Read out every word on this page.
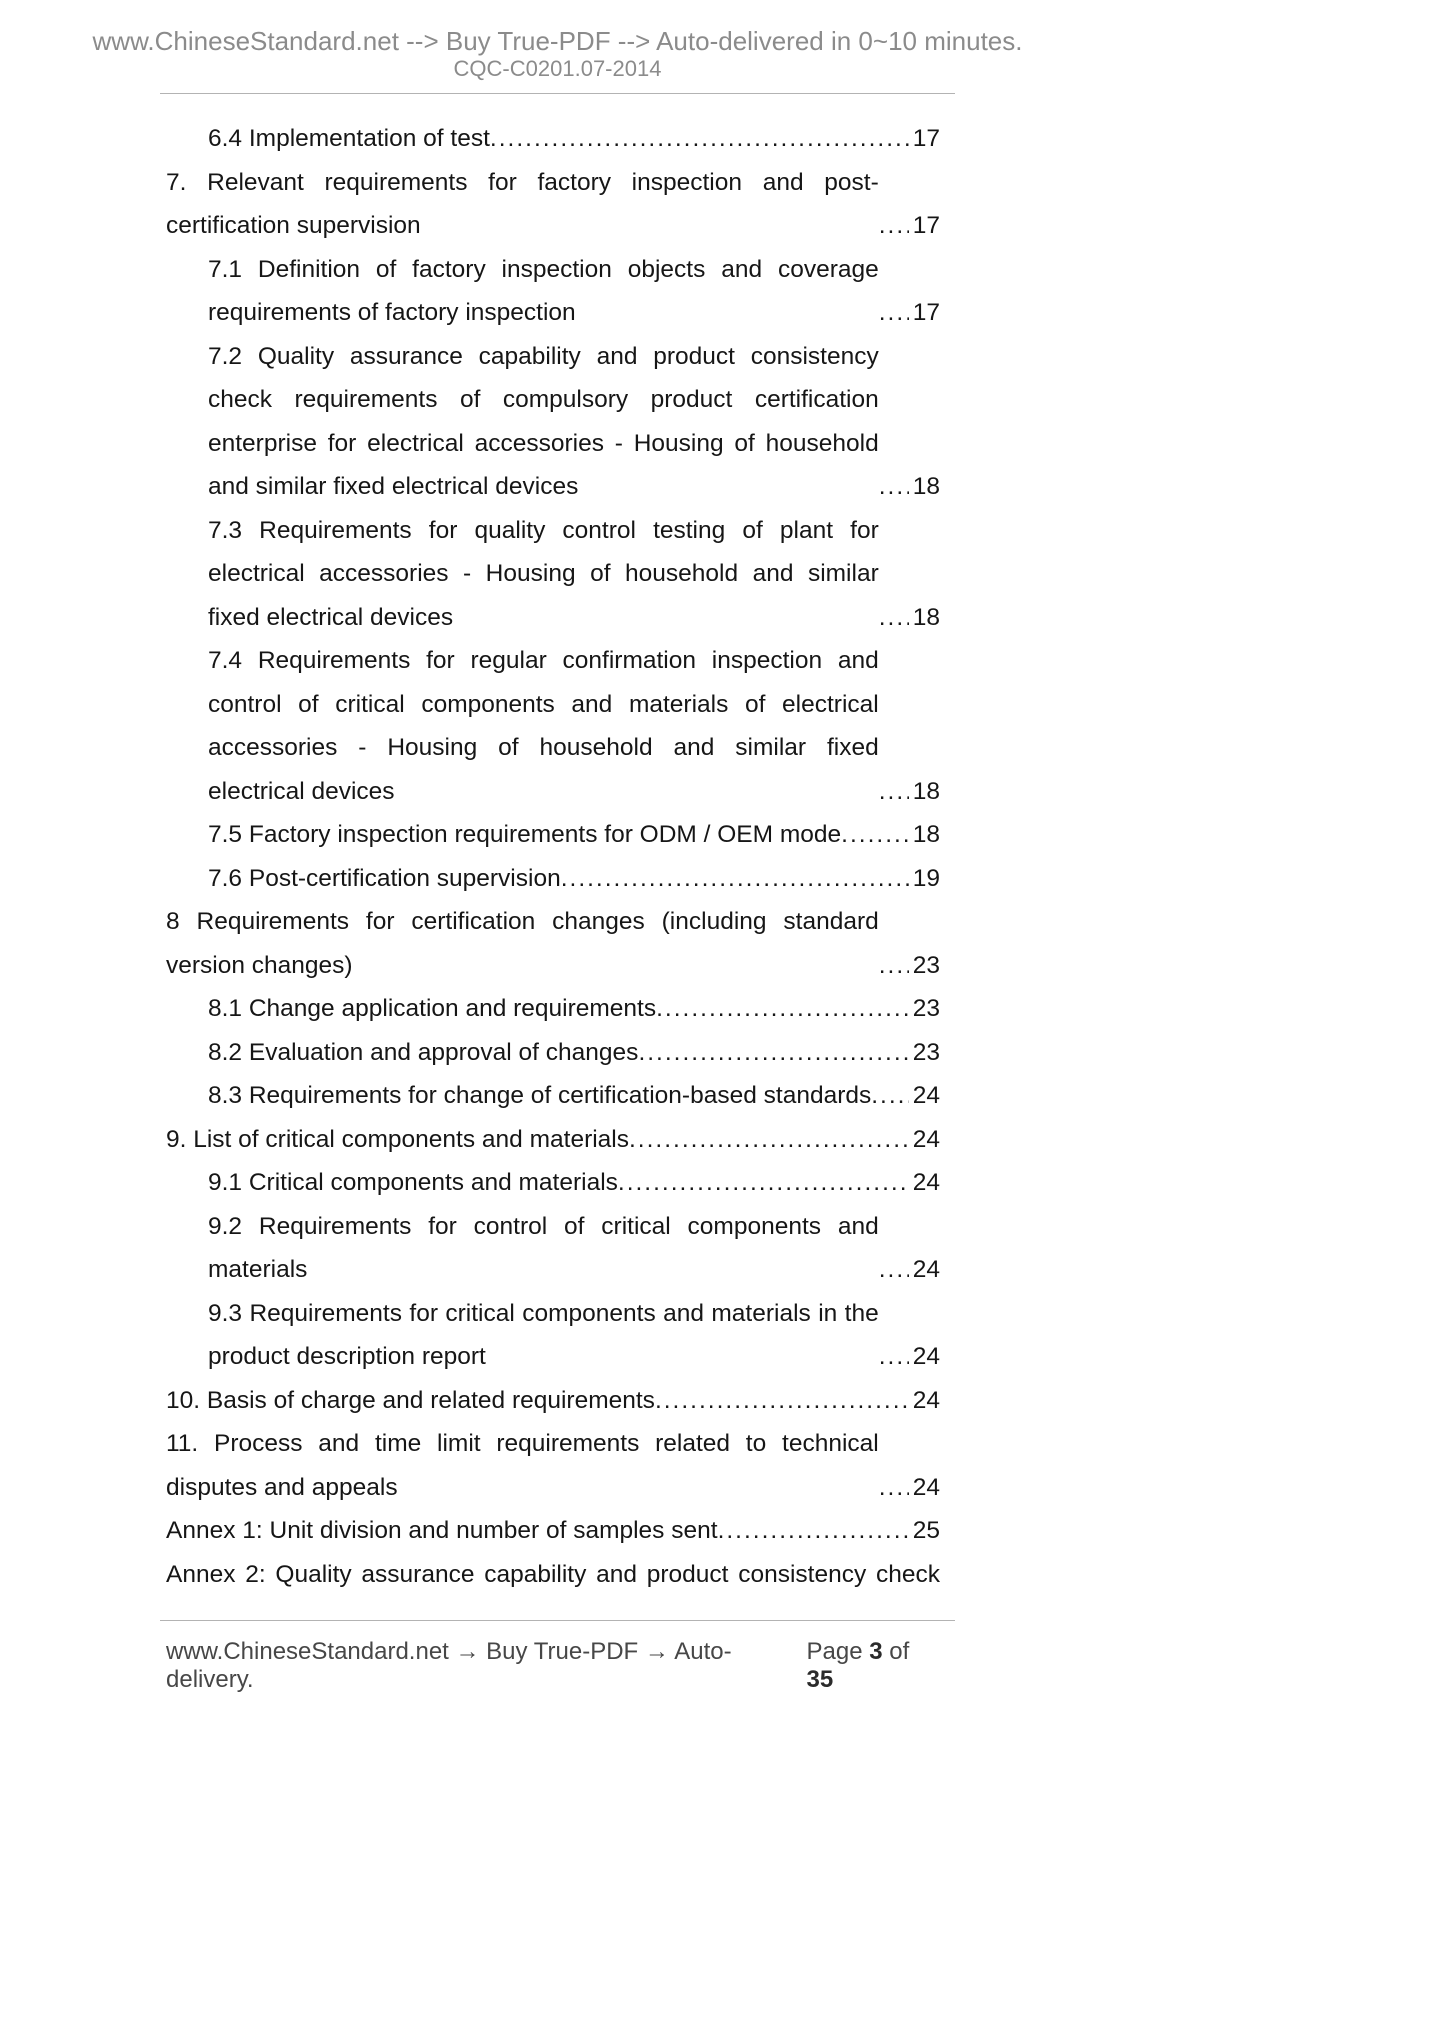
www.ChineseStandard.net --> Buy True-PDF --> Auto-delivered in 0~10 minutes.
CQC-C0201.07-2014

6.4 Implementation of test .....	17

7. Relevant requirements for factory inspection and post-certification supervision .....	17

7.1 Definition of factory inspection objects and coverage requirements of factory inspection .....	17

7.2 Quality assurance capability and product consistency check requirements of compulsory product certification enterprise for electrical accessories - Housing of household and similar fixed electrical devices .....	18

7.3 Requirements for quality control testing of plant for electrical accessories - Housing of household and similar fixed electrical devices .....	18

7.4 Requirements for regular confirmation inspection and control of critical components and materials of electrical accessories - Housing of household and similar fixed electrical devices .....	18

7.5 Factory inspection requirements for ODM / OEM mode .....	18

7.6 Post-certification supervision .....	19

8 Requirements for certification changes (including standard version changes) .....	23

8.1 Change application and requirements .....	23

8.2 Evaluation and approval of changes .....	23

8.3 Requirements for change of certification-based standards ..... 24

9. List of critical components and materials .....	24

9.1 Critical components and materials .....	24

9.2 Requirements for control of critical components and materials .....	24

9.3 Requirements for critical components and materials in the product description report .....	24

10. Basis of charge and related requirements .....	24

11. Process and time limit requirements related to technical disputes and appeals .....	24

Annex 1: Unit division and number of samples sent .....	25

Annex 2: Quality assurance capability and product consistency check

www.ChineseStandard.net → Buy True-PDF → Auto-delivery.
Page 3 of 35
